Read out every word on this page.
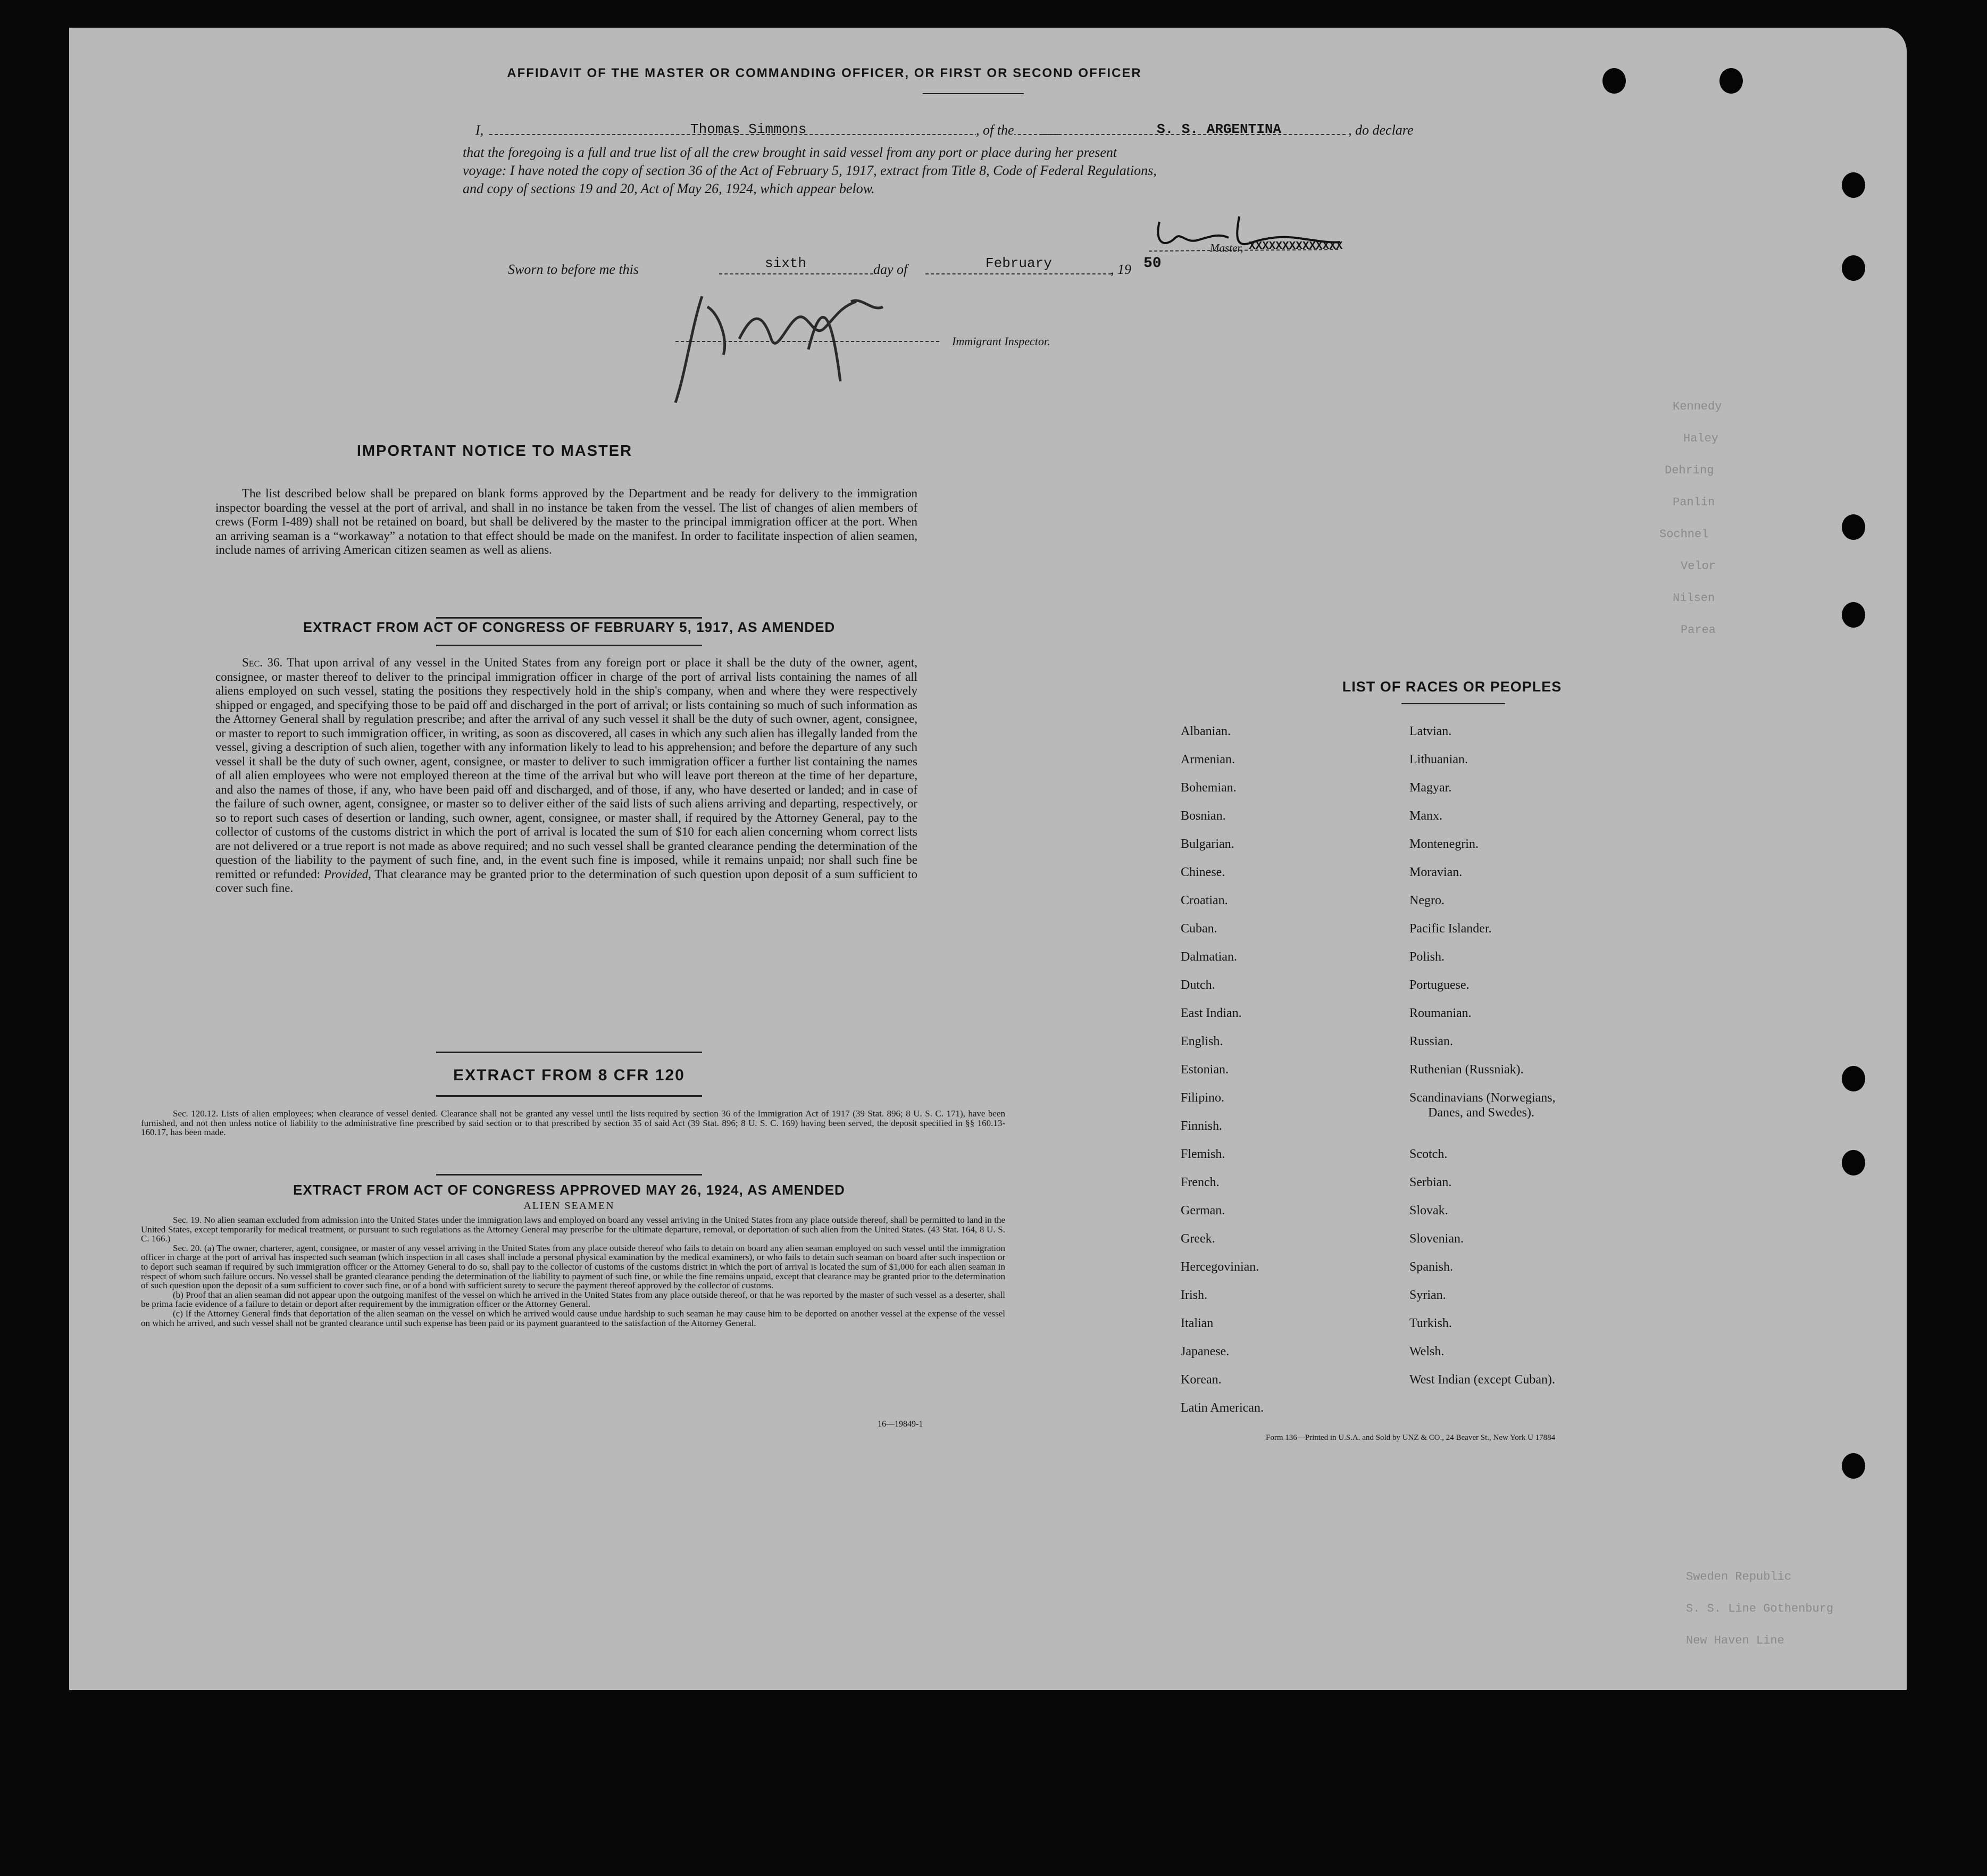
Kennedy
Haley
Dehring
Panlin
Sochnel
Velor
Nilsen
Parea
Sweden Republic
S. S. Line Gothenburg
New Haven Line
AFFIDAVIT OF THE MASTER OR COMMANDING OFFICER, OR FIRST OR SECOND OFFICER
I,	Thomas Simmons	, of the	S. S. ARGENTINA	, do declare
that the foregoing is a full and true list of all the crew brought in said vessel from any port or place during her present
voyage: I have noted the copy of section 36 of the Act of February 5, 1917, extract from Title 8, Code of Federal Regulations,
and copy of sections 19 and 20, Act of May 26, 1924, which appear below.
Master, XXXXXXXXXXXXXX
Sworn to before me this	sixth	day of	February	, 19 50
Immigrant Inspector.
IMPORTANT NOTICE TO MASTER
The list described below shall be prepared on blank forms approved by the Department and be ready for delivery to the immigration inspector boarding the vessel at the port of arrival, and shall in no instance be taken from the vessel. The list of changes of alien members of crews (Form I-489) shall not be retained on board, but shall be delivered by the master to the principal immigration officer at the port. When an arriving seaman is a “workaway” a notation to that effect should be made on the manifest. In order to facilitate inspection of alien seamen, include names of arriving American citizen seamen as well as aliens.
EXTRACT FROM ACT OF CONGRESS OF FEBRUARY 5, 1917, AS AMENDED
Sec. 36. That upon arrival of any vessel in the United States from any foreign port or place it shall be the duty of the owner, agent, consignee, or master thereof to deliver to the principal immigration officer in charge of the port of arrival lists containing the names of all aliens employed on such vessel, stating the positions they respectively hold in the ship's company, when and where they were respectively shipped or engaged, and specifying those to be paid off and discharged in the port of arrival; or lists containing so much of such information as the Attorney General shall by regulation prescribe; and after the arrival of any such vessel it shall be the duty of such owner, agent, consignee, or master to report to such immigration officer, in writing, as soon as discovered, all cases in which any such alien has illegally landed from the vessel, giving a description of such alien, together with any information likely to lead to his apprehension; and before the departure of any such vessel it shall be the duty of such owner, agent, consignee, or master to deliver to such immigration officer a further list containing the names of all alien employees who were not employed thereon at the time of the arrival but who will leave port thereon at the time of her departure, and also the names of those, if any, who have been paid off and discharged, and of those, if any, who have deserted or landed; and in case of the failure of such owner, agent, consignee, or master so to deliver either of the said lists of such aliens arriving and departing, respectively, or so to report such cases of desertion or landing, such owner, agent, consignee, or master shall, if required by the Attorney General, pay to the collector of customs of the customs district in which the port of arrival is located the sum of $10 for each alien concerning whom correct lists are not delivered or a true report is not made as above required; and no such vessel shall be granted clearance pending the determination of the question of the liability to the payment of such fine, and, in the event such fine is imposed, while it remains unpaid; nor shall such fine be remitted or refunded: Provided, That clearance may be granted prior to the determination of such question upon deposit of a sum sufficient to cover such fine.
EXTRACT FROM 8 CFR 120
Sec. 120.12. Lists of alien employees; when clearance of vessel denied. Clearance shall not be granted any vessel until the lists required by section 36 of the Immigration Act of 1917 (39 Stat. 896; 8 U. S. C. 171), have been furnished, and not then unless notice of liability to the administrative fine prescribed by said section or to that prescribed by section 35 of said Act (39 Stat. 896; 8 U. S. C. 169) having been served, the deposit specified in §§ 160.13-160.17, has been made.
EXTRACT FROM ACT OF CONGRESS APPROVED MAY 26, 1924, AS AMENDED
ALIEN SEAMEN
Sec. 19. No alien seaman excluded from admission into the United States under the immigration laws and employed on board any vessel arriving in the United States from any place outside thereof, shall be permitted to land in the United States, except temporarily for medical treatment, or pursuant to such regulations as the Attorney General may prescribe for the ultimate departure, removal, or deportation of such alien from the United States. (43 Stat. 164, 8 U. S. C. 166.)
Sec. 20. (a) The owner, charterer, agent, consignee, or master of any vessel arriving in the United States from any place outside thereof who fails to detain on board any alien seaman employed on such vessel until the immigration officer in charge at the port of arrival has inspected such seaman (which inspection in all cases shall include a personal physical examination by the medical examiners), or who fails to detain such seaman on board after such inspection or to deport such seaman if required by such immigration officer or the Attorney General to do so, shall pay to the collector of customs of the customs district in which the port of arrival is located the sum of $1,000 for each alien seaman in respect of whom such failure occurs. No vessel shall be granted clearance pending the determination of the liability to payment of such fine, or while the fine remains unpaid, except that clearance may be granted prior to the determination of such question upon the deposit of a sum sufficient to cover such fine, or of a bond with sufficient surety to secure the payment thereof approved by the collector of customs.
(b) Proof that an alien seaman did not appear upon the outgoing manifest of the vessel on which he arrived in the United States from any place outside thereof, or that he was reported by the master of such vessel as a deserter, shall be prima facie evidence of a failure to detain or deport after requirement by the immigration officer or the Attorney General.
(c) If the Attorney General finds that deportation of the alien seaman on the vessel on which he arrived would cause undue hardship to such seaman he may cause him to be deported on another vessel at the expense of the vessel on which he arrived, and such vessel shall not be granted clearance until such expense has been paid or its payment guaranteed to the satisfaction of the Attorney General.
16—19849-1
LIST OF RACES OR PEOPLES
Albanian.
Armenian.
Bohemian.
Bosnian.
Bulgarian.
Chinese.
Croatian.
Cuban.
Dalmatian.
Dutch.
East Indian.
English.
Estonian.
Filipino.
Finnish.
Flemish.
French.
German.
Greek.
Hercegovinian.
Irish.
Italian
Japanese.
Korean.
Latin American.
Latvian.
Lithuanian.
Magyar.
Manx.
Montenegrin.
Moravian.
Negro.
Pacific Islander.
Polish.
Portuguese.
Roumanian.
Russian.
Ruthenian (Russniak).
Scandinavians (Norwegians,
Danes, and Swedes).
Scotch.
Serbian.
Slovak.
Slovenian.
Spanish.
Syrian.
Turkish.
Welsh.
West Indian (except Cuban).
Form 136—Printed in U.S.A. and Sold by UNZ & CO., 24 Beaver St., New York U 17884
